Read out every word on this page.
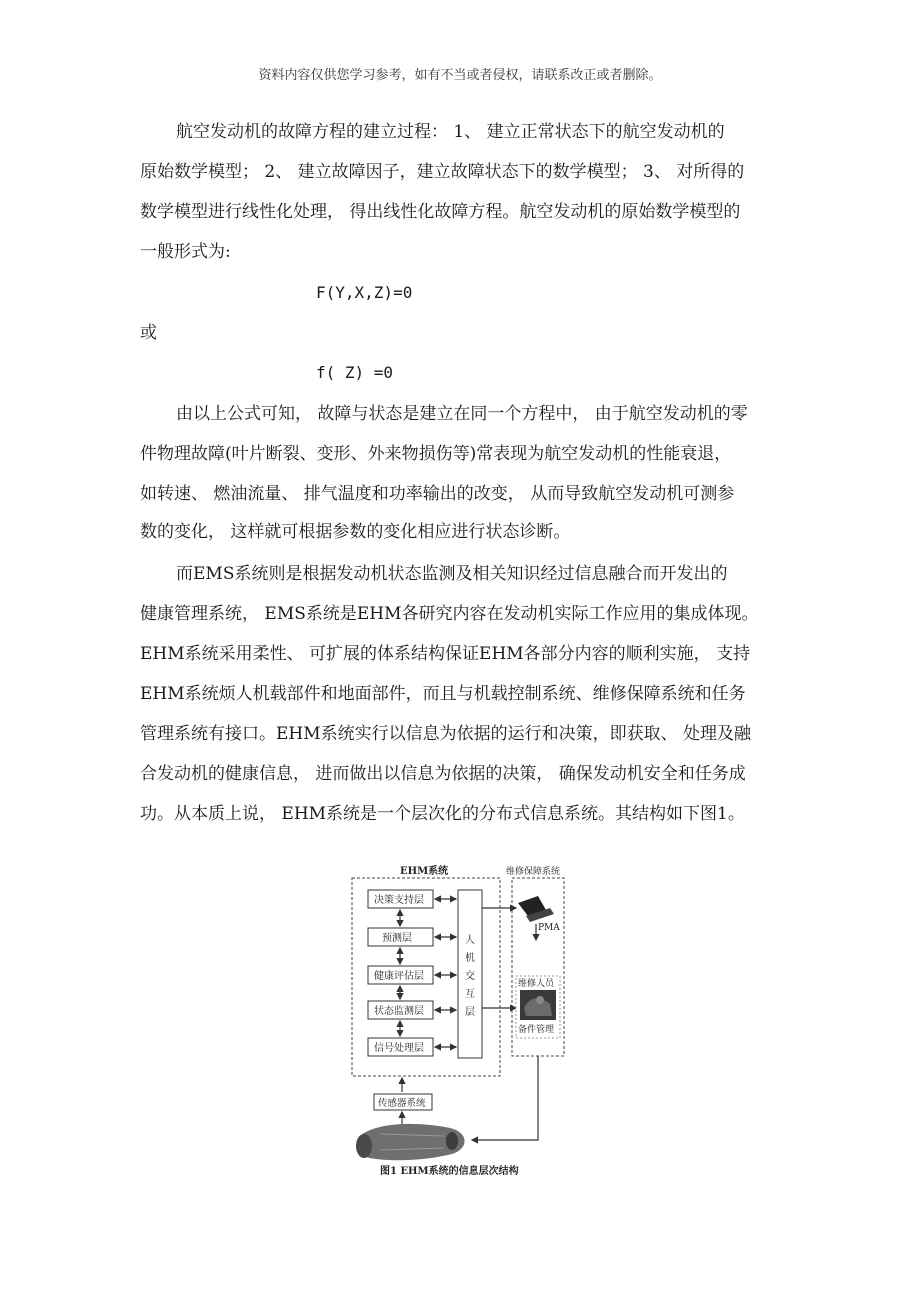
资料内容仅供您学习参考，如有不当或者侵权，请联系改正或者删除。
航空发动机的故障方程的建立过程： 1、 建立正常状态下的航空发动机的
原始数学模型； 2、 建立故障因子，建立故障状态下的数学模型； 3、 对所得的
数学模型进行线性化处理， 得出线性化故障方程。航空发动机的原始数学模型的
一般形式为:
F(Y,X,Z)=0
或
f( Z) =0
由以上公式可知， 故障与状态是建立在同一个方程中， 由于航空发动机的零
件物理故障(叶片断裂、变形、外来物损伤等)常表现为航空发动机的性能衰退，
如转速、 燃油流量、 排气温度和功率输出的改变， 从而导致航空发动机可测参
数的变化， 这样就可根据参数的变化相应进行状态诊断。
而EMS系统则是根据发动机状态监测及相关知识经过信息融合而开发出的
健康管理系统， EMS系统是EHM各研究内容在发动机实际工作应用的集成体现。
EHM系统采用柔性、 可扩展的体系结构保证EHM各部分内容的顺利实施， 支持
EHM系统烦人机载部件和地面部件，而且与机载控制系统、维修保障系统和任务
管理系统有接口。EHM系统实行以信息为依据的运行和决策，即获取、 处理及融
合发动机的健康信息， 进而做出以信息为依据的决策， 确保发动机安全和任务成
功。从本质上说， EHM系统是一个层次化的分布式信息系统。其结构如下图1。
EHM系统	维修保障系统
决策支持层
预测层
健康评估层
状态监测层
信号处理层
人
机
交
互
层
PMA
维修人员
备件管理
传感器系统
图1 EHM系统的信息层次结构
